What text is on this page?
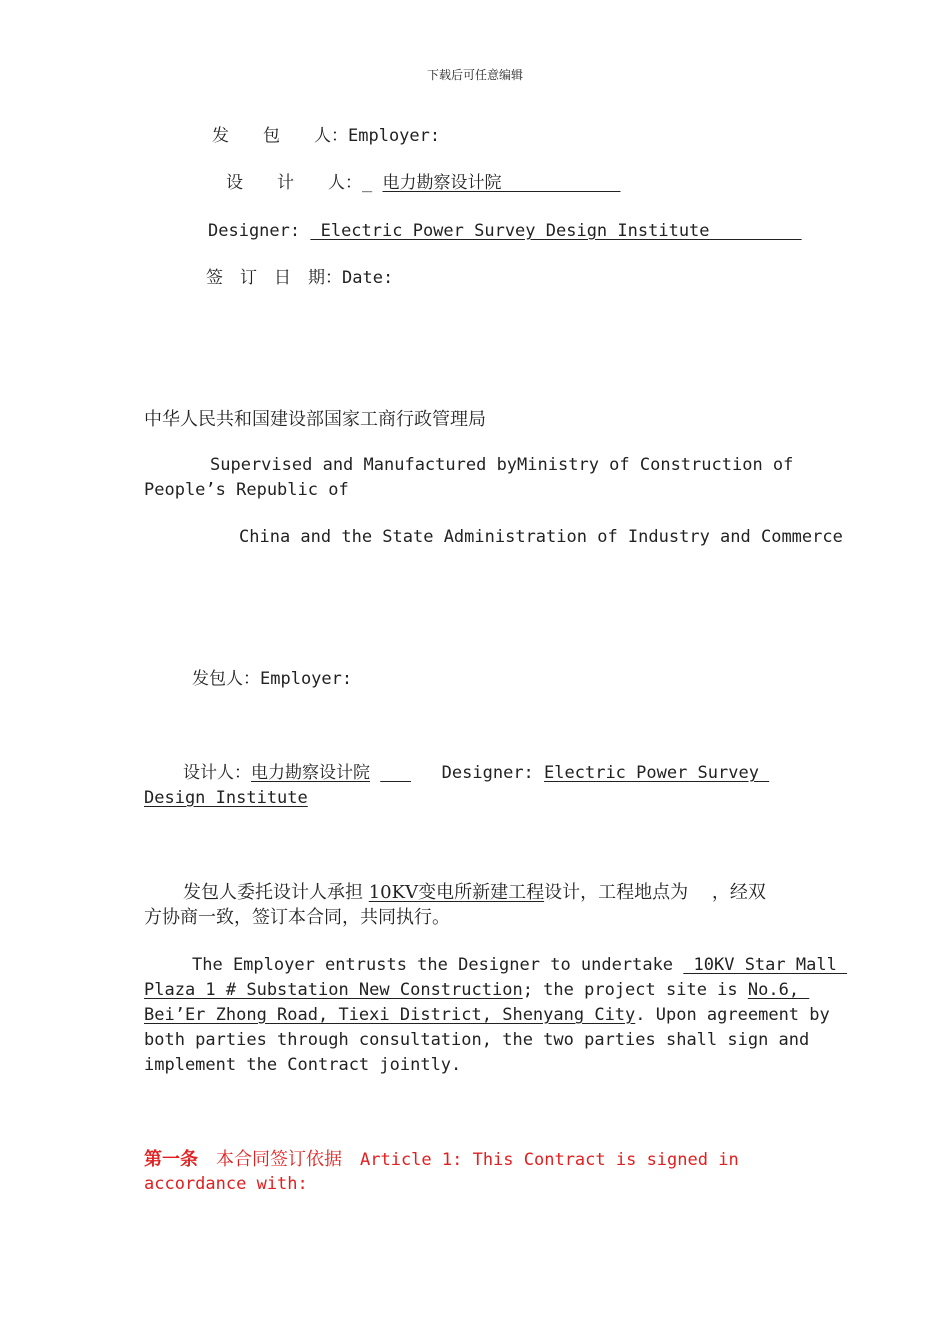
下载后可任意编辑
发　　包　　人：Employer:
设　　计　　人：_ 电力勘察设计院　　　　　　　
Designer:  Electric Power Survey Design Institute
签　订　日　期：Date:
中华人民共和国建设部国家工商行政管理局
Supervised and Manufactured byMinistry of Construction of
People’s Republic of
China and the State Administration of Industry and Commerce
发包人：Employer:
设计人：电力勘察设计院       Designer: Electric Power Survey
Design Institute
发包人委托设计人承担 10KV变电所新建工程设计，工程地点为　 ，经双
方协商一致，签订本合同，共同执行。
The Employer entrusts the Designer to undertake  10KV Star Mall
Plaza 1 # Substation New Construction; the project site is No.6,
Bei’Er Zhong Road, Tiexi District, Shenyang City. Upon agreement by
both parties through consultation, the two parties shall sign and
implement the Contract jointly.
第一条　本合同签订依据　Article 1: This Contract is signed in
accordance with:
